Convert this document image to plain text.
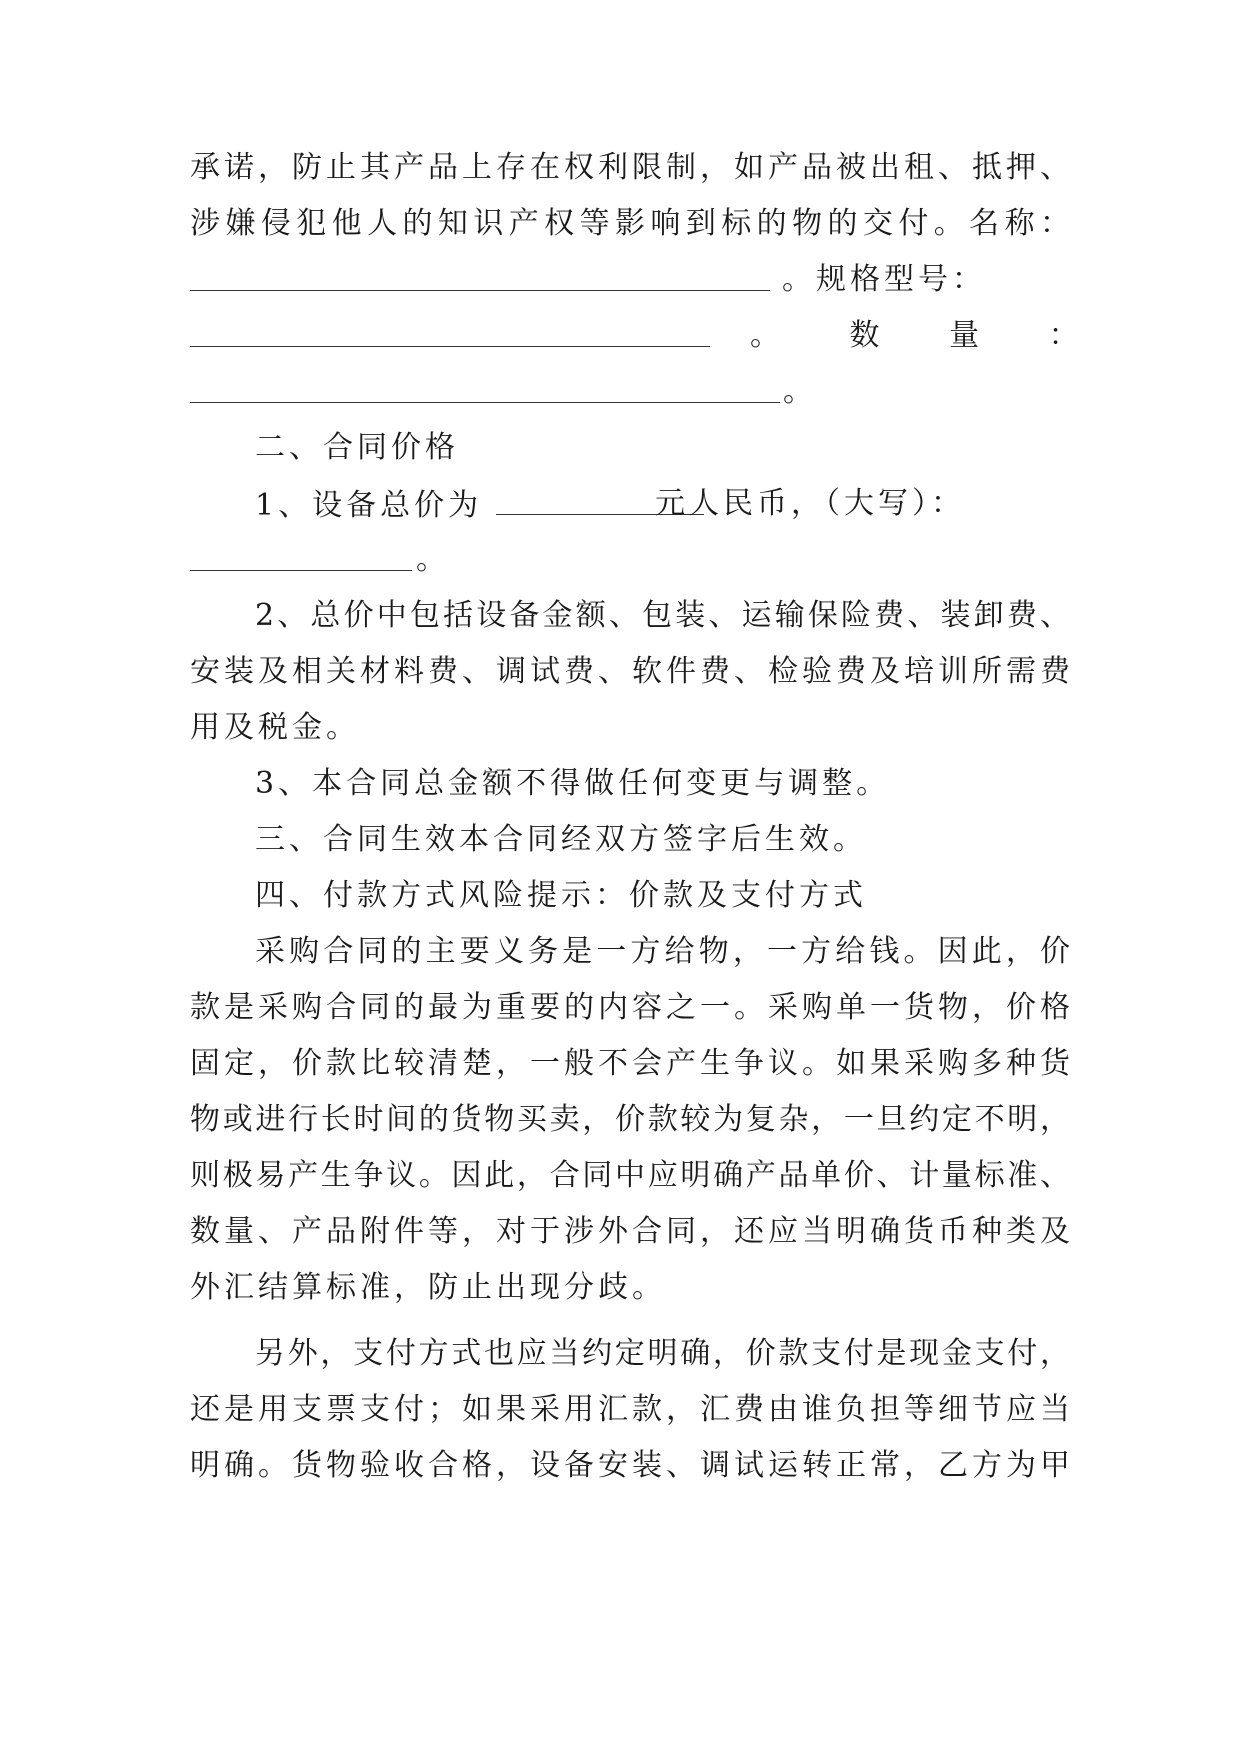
承诺，防止其产品上存在权利限制，如产品被出租、抵押、
涉嫌侵犯他人的知识产权等影响到标的物的交付。名称：
。规格型号：
。 数 量 ：
。
二、合同价格
1、设备总价为	元人民币，（大写）：
。
2、总价中包括设备金额、包装、运输保险费、装卸费、
安装及相关材料费、调试费、软件费、检验费及培训所需费
用及税金。
3、本合同总金额不得做任何变更与调整。
三、合同生效本合同经双方签字后生效。
四、付款方式风险提示：价款及支付方式
采购合同的主要义务是一方给物，一方给钱。因此，价
款是采购合同的最为重要的内容之一。采购单一货物，价格
固定，价款比较清楚，一般不会产生争议。如果采购多种货
物或进行长时间的货物买卖，价款较为复杂，一旦约定不明，
则极易产生争议。因此，合同中应明确产品单价、计量标准、
数量、产品附件等，对于涉外合同，还应当明确货币种类及
外汇结算标准，防止出现分歧。
另外，支付方式也应当约定明确，价款支付是现金支付，
还是用支票支付；如果采用汇款，汇费由谁负担等细节应当
明确。货物验收合格，设备安装、调试运转正常，乙方为甲
